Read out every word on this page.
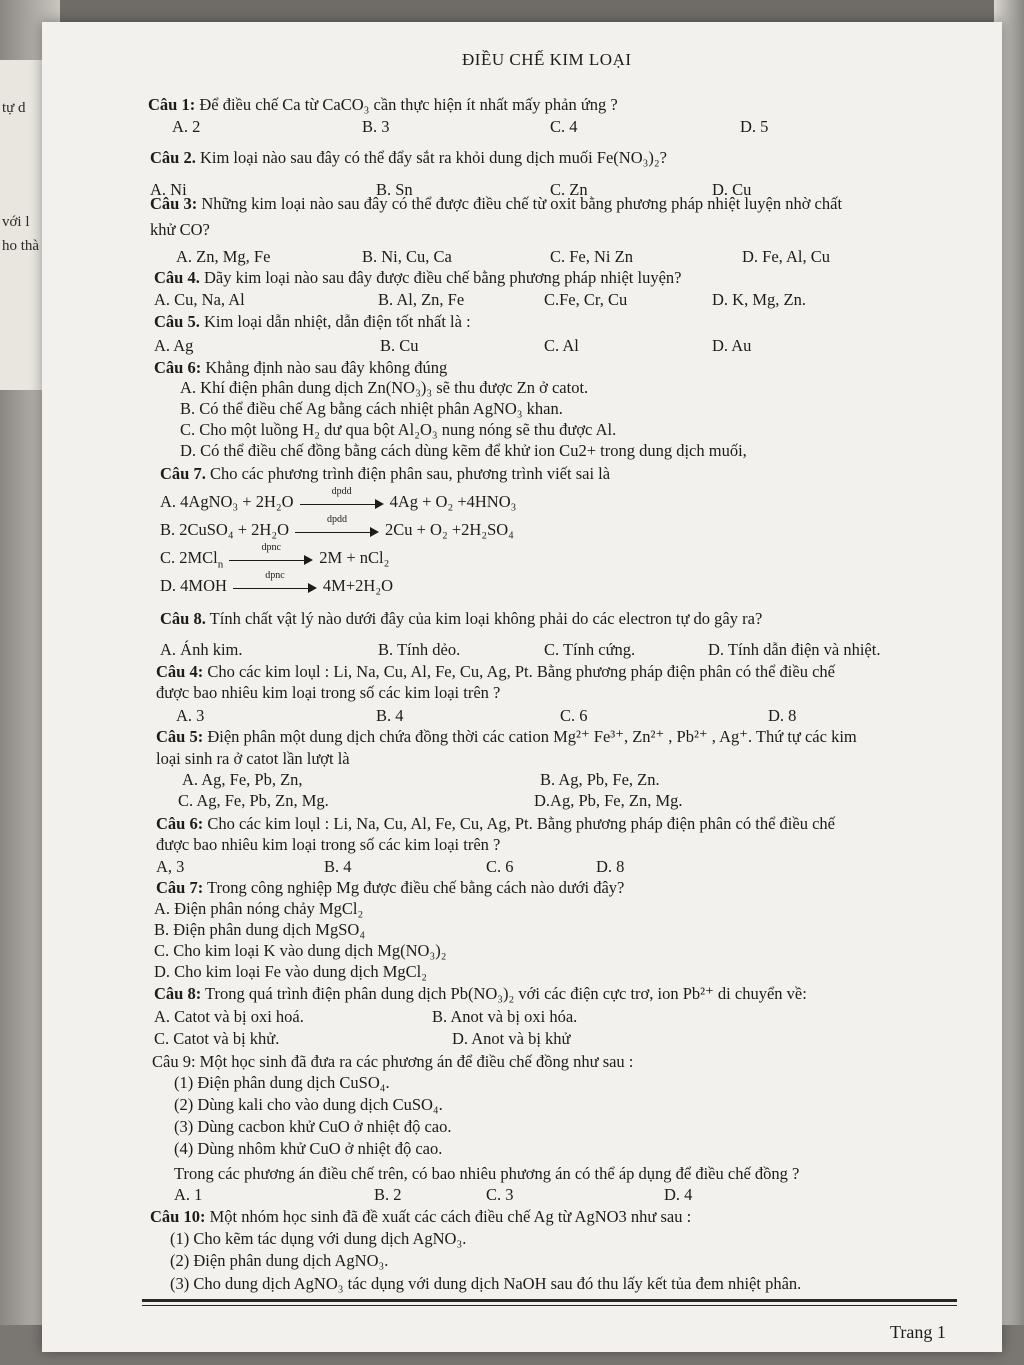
tự d
với l
ho thà
ĐIỀU CHẾ KIM LOẠI
Câu 1: Để điều chế Ca từ CaCO₃ cần thực hiện ít nhất mấy phản ứng ?
A. 2	B. 3	C. 4	D. 5
Câu 2. Kim loại nào sau đây có thể đẩy sắt ra khỏi dung dịch muối Fe(NO₃)₂?
A. Ni	B. Sn	C. Zn	D. Cu
Câu 3: Những kim loại nào sau đây có thể được điều chế từ oxit bằng phương pháp nhiệt luyện nhờ chất
khử CO?
A. Zn, Mg, Fe	B. Ni, Cu, Ca	C. Fe, Ni Zn	D. Fe, Al, Cu
Câu 4. Dãy kim loại nào sau đây được điều chế bằng phương pháp nhiệt luyện?
A. Cu, Na, Al	B. Al, Zn, Fe	C.Fe, Cr, Cu	D. K, Mg, Zn.
Câu 5. Kim loại dẫn nhiệt, dẫn điện tốt nhất là :
A. Ag	B. Cu	C. Al	D. Au
Câu 6: Khẳng định nào sau đây không đúng
A. Khí điện phân dung dịch Zn(NO₃)₃ sẽ thu được Zn ở catot.
B. Có thể điều chế Ag bằng cách nhiệt phân AgNO₃ khan.
C. Cho một luồng H₂ dư qua bột Al₂O₃ nung nóng sẽ thu được Al.
D. Có thể điều chế đồng bằng cách dùng kẽm để khử ion Cu2+ trong dung dịch muối,
Câu 7. Cho các phương trình điện phân sau, phương trình viết sai là
A. 4AgNO₃ + 2H₂O
dpdd
4Ag + O₂ +4HNO₃
B. 2CuSO₄ + 2H₂O
dpdd
2Cu + O₂ +2H₂SO₄
C. 2MCl$_n$
dpnc
2M + nCl₂
D. 4MOH
dpnc
4M+2H₂O
Câu 8. Tính chất vật lý nào dưới đây của kim loại không phải do các electron tự do gây ra?
A. Ánh kim.	B. Tính dẻo.	C. Tính cứng.	D. Tính dẫn điện và nhiệt.
Câu 4: Cho các kim loụl : Li, Na, Cu, Al, Fe, Cu, Ag, Pt. Bằng phương pháp điện phân có thể điều chế
được bao nhiêu kim loại trong số các kim loại trên ?
A. 3	B. 4	C. 6	D. 8
Câu 5: Điện phân một dung dịch chứa đồng thời các cation Mg²⁺ Fe³⁺, Zn²⁺ , Pb²⁺ , Ag⁺. Thứ tự các kim
loại sinh ra ở catot lần lượt là
A. Ag, Fe, Pb, Zn,	B. Ag, Pb, Fe, Zn.
C. Ag, Fe, Pb, Zn, Mg.	D.Ag, Pb, Fe, Zn, Mg.
Câu 6: Cho các kim loụl : Li, Na, Cu, Al, Fe, Cu, Ag, Pt. Bằng phương pháp điện phân có thể điều chế
được bao nhiêu kim loại trong số các kim loại trên ?
A, 3	B. 4	C. 6	D. 8
Câu 7: Trong công nghiệp Mg được điều chế bằng cách nào dưới đây?
A. Điện phân nóng chảy MgCl₂
B. Điện phân dung dịch MgSO₄
C. Cho kim loại K vào dung dịch Mg(NO₃)₂
D. Cho kim loại Fe vào dung dịch MgCl₂
Câu 8: Trong quá trình điện phân dung dịch Pb(NO₃)₂ với các điện cực trơ, ion Pb²⁺ di chuyển về:
A. Catot và bị oxi hoá.	B. Anot và bị oxi hóa.
C. Catot và bị khử.	D. Anot và bị khử
Câu 9: Một học sinh đã đưa ra các phương án để điều chế đồng như sau :
(1) Điện phân dung dịch CuSO₄.
(2) Dùng kali cho vào dung dịch CuSO₄.
(3) Dùng cacbon khử CuO ở nhiệt độ cao.
(4) Dùng nhôm khử CuO ở nhiệt độ cao.
Trong các phương án điều chế trên, có bao nhiêu phương án có thể áp dụng để điều chế đồng ?
A. 1	B. 2	C. 3	D. 4
Câu 10: Một nhóm học sinh đã đề xuất các cách điều chế Ag từ AgNO3 như sau :
(1) Cho kẽm tác dụng với dung dịch AgNO₃.
(2) Điện phân dung dịch AgNO₃.
(3) Cho dung dịch AgNO₃ tác dụng với dung dịch NaOH sau đó thu lấy kết tủa đem nhiệt phân.
Trang 1
